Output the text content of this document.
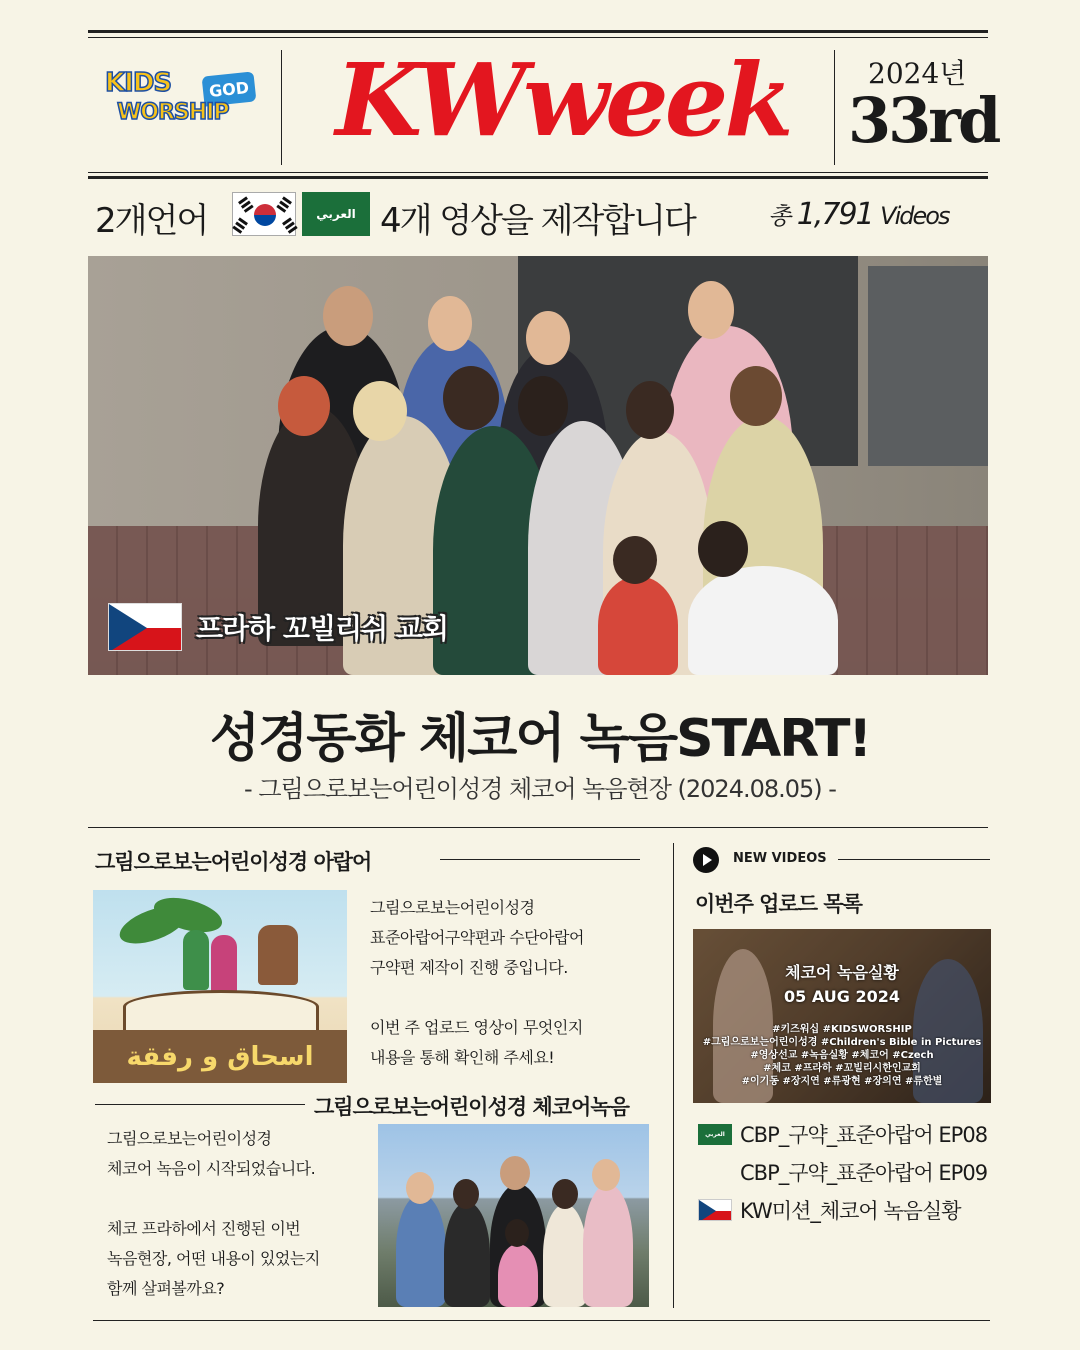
KIDS	GOD
WORSHIP	KWweek	2024년
33rd
2개언어	العربي 4개 영상을 제작합니다	총 1,791 Videos
프라하 꼬빌리쉬 교회
성경동화 체코어 녹음START!
- 그림으로보는어린이성경 체코어 녹음현장 (2024.08.05) -
그림으로보는어린이성경 아랍어
اسحاق و رفقة

그림으로보는어린이성경

표준아랍어구약편과 수단아랍어

구약편 제작이 진행 중입니다.

이번 주 업로드 영상이 무엇인지

내용을 통해 확인해 주세요!

그림으로보는어린이성경 체코어녹음

그림으로보는어린이성경

체코어 녹음이 시작되었습니다.

체코 프라하에서 진행된 이번

녹음현장, 어떤 내용이 있었는지

함께 살펴볼까요?

NEW VIDEOS
이번주 업로드 목록
체코어 녹음실황
05 AUG 2024
#키즈워십 #KIDSWORSHIP
#그림으로보는어린이성경 #Children's Bible in Pictures
#영상선교 #녹음실황 #체코어 #Czech
#체코 #프라하 #꼬빌리시한인교회
#이기동 #장지연 #류광현 #장의연 #류한별
العربي CBP_구약_표준아랍어 EP08
CBP_구약_표준아랍어 EP09
KW미션_체코어 녹음실황
